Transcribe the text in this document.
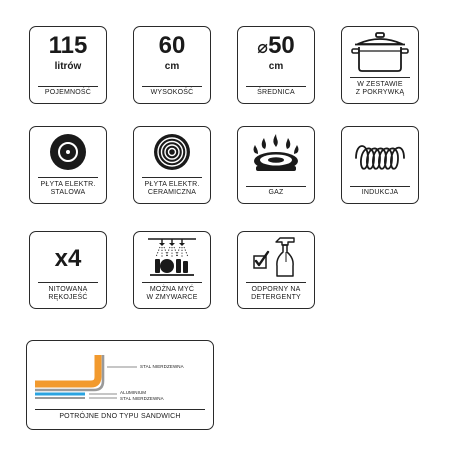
115
litrów
POJEMNOŚĆ
60
cm
WYSOKOŚĆ
⌀50
cm
ŚREDNICA
W ZESTAWIE
Z POKRYWKĄ
PŁYTA ELEKTR.
STALOWA
PŁYTA ELEKTR.
CERAMICZNA	GAZ	INDUKCJA
x4
NITOWANA
RĘKOJEŚĆ
MOŻNA MYĆ
W ZMYWARCE
ODPORNY NA
DETERGENTY
STAL NIERDZEWNA
ALUMINIUM
STAL NIERDZEWNA
POTRÓJNE DNO TYPU SANDWICH
